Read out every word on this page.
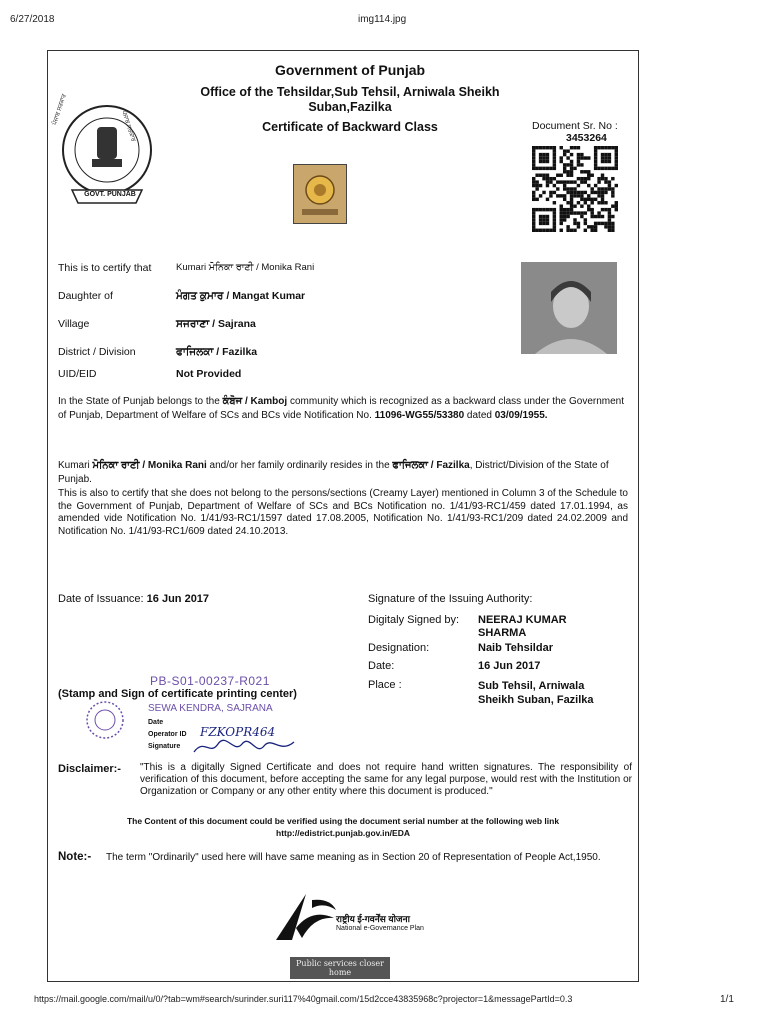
6/27/2018	img114.jpg
ਪੰਜਾਬ ਸਰਕਾਰ
ਪੰਜਾਬ ਸਰਕਾਰ
GOVT. PUNJAB
Government of Punjab
Office of the Tehsildar,Sub Tehsil, Arniwala Sheikh Suban,Fazilka
Certificate of Backward Class	Document Sr. No :
3453264
This is to certify that	Kumari ਮੋਨਿਕਾ ਰਾਣੀ / Monika Rani
Daughter of	ਮੰਗਤ ਕੁਮਾਰ / Mangat Kumar
Village	ਸਜਰਾਣਾ / Sajrana
District / Division	ਫਾਜਿਲਕਾ / Fazilka
UID/EID	Not Provided
In the State of Punjab belongs to the ਕੰਬੋਜ / Kamboj community which is recognized as a backward class under the Government of Punjab, Department of Welfare of SCs and BCs vide Notification No. 11096-WG55/53380 dated 03/09/1955.
Kumari ਮੋਨਿਕਾ ਰਾਣੀ / Monika Rani and/or her family ordinarily resides in the ਫਾਜਿਲਕਾ / Fazilka, District/Division of the State of Punjab.
This is also to certify that she does not belong to the persons/sections (Creamy Layer) mentioned in Column 3 of the Schedule to the Government of Punjab, Department of Welfare of SCs and BCs Notification no. 1/41/93-RC1/459 dated 17.01.1994, as amended vide Notification No. 1/41/93-RC1/1597 dated 17.08.2005, Notification No. 1/41/93-RC1/209 dated 24.02.2009 and Notification No. 1/41/93-RC1/609 dated 24.10.2013.
Date of Issuance: 16 Jun 2017	Signature of the Issuing Authority:
Digitaly Signed by: NEERAJ KUMAR SHARMA
Designation:	Naib Tehsildar
Date:	16 Jun 2017
Place :	Sub Tehsil, Arniwala Sheikh Suban, Fazilka
PB-S01-00237-R021
(Stamp and Sign of certificate printing center)
SEWA KENDRA, SAJRANA
Date
Operator ID FZKOPR464
Signature
Disclaimer:- "This is a digitally Signed Certificate and does not require hand written signatures. The responsibility of verification of this document, before accepting the same for any legal purpose, would rest with the Institution or Organization or Company or any other entity where this document is produced."
The Content of this document could be verified using the document serial number at the following web link
http://edistrict.punjab.gov.in/EDA
Note:- The term "Ordinarily" used here will have same meaning as in Section 20 of Representation of People Act,1950.
राष्ट्रीय ई-गवर्नेंस योजना
National e-Governance Plan
Public services closer home
https://mail.google.com/mail/u/0/?tab=wm#search/surinder.suri117%40gmail.com/15d2cce43835968c?projector=1&messagePartId=0.3	1/1
